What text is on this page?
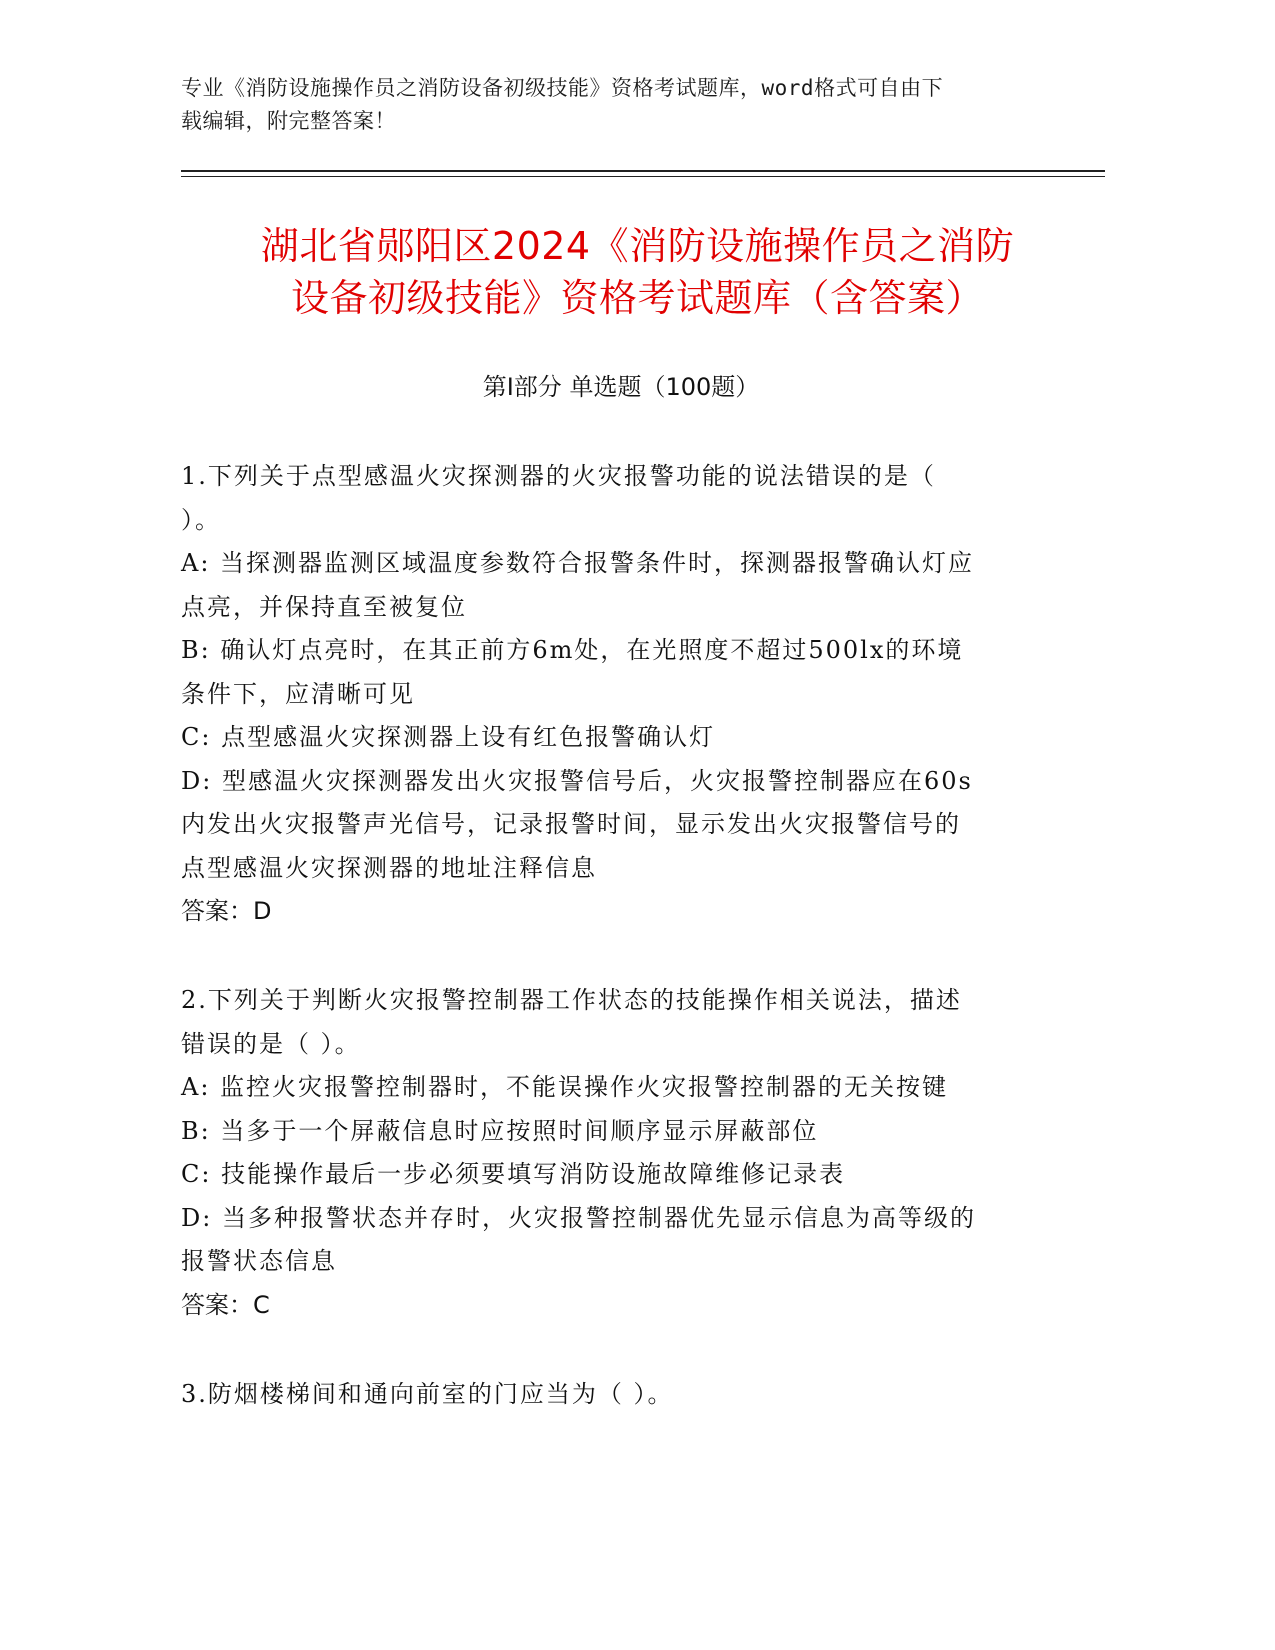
专业《消防设施操作员之消防设备初级技能》资格考试题库，word格式可自由下
载编辑，附完整答案！
湖北省郧阳区2024《消防设施操作员之消防
设备初级技能》资格考试题库（含答案）
第Ⅰ部分 单选题（100题）

1.下列关于点型感温火灾探测器的火灾报警功能的说法错误的是（

）。

A: 当探测器监测区域温度参数符合报警条件时，探测器报警确认灯应

点亮，并保持直至被复位

B: 确认灯点亮时，在其正前方6m处，在光照度不超过500lx的环境

条件下，应清晰可见

C: 点型感温火灾探测器上设有红色报警确认灯

D: 型感温火灾探测器发出火灾报警信号后，火灾报警控制器应在60s

内发出火灾报警声光信号，记录报警时间，显示发出火灾报警信号的

点型感温火灾探测器的地址注释信息

答案：D

2.下列关于判断火灾报警控制器工作状态的技能操作相关说法，描述

错误的是（ ）。

A: 监控火灾报警控制器时，不能误操作火灾报警控制器的无关按键

B: 当多于一个屏蔽信息时应按照时间顺序显示屏蔽部位

C: 技能操作最后一步必须要填写消防设施故障维修记录表

D: 当多种报警状态并存时，火灾报警控制器优先显示信息为高等级的

报警状态信息

答案：C

3.防烟楼梯间和通向前室的门应当为（ ）。
